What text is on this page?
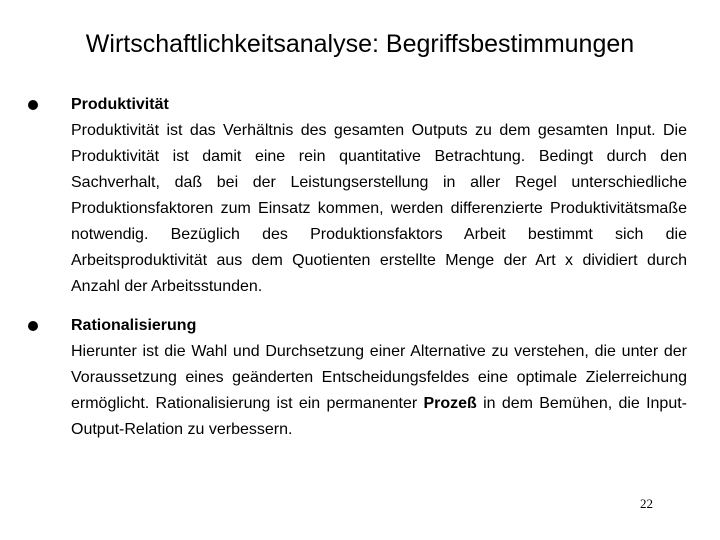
Wirtschaftlichkeitsanalyse: Begriffsbestimmungen
Produktivität
Produktivität ist das Verhältnis des gesamten Outputs zu dem gesamten Input. Die Produktivität ist damit eine rein quantitative Betrachtung. Bedingt durch den Sachverhalt, daß bei der Leistungserstellung in aller Regel unterschiedliche Produktionsfaktoren zum Einsatz kommen, werden differenzierte Produktivitätsmaße notwendig. Bezüglich des Produktionsfaktors Arbeit bestimmt sich die Arbeitsproduktivität aus dem Quotienten erstellte Menge der Art x dividiert durch Anzahl der Arbeitsstunden.
Rationalisierung
Hierunter ist die Wahl und Durchsetzung einer Alternative zu verstehen, die unter der Voraussetzung eines geänderten Entscheidungsfeldes eine optimale Zielerreichung ermöglicht. Rationalisierung ist ein permanenter Prozeß in dem Bemühen, die Input-Output-Relation zu verbessern.
22
